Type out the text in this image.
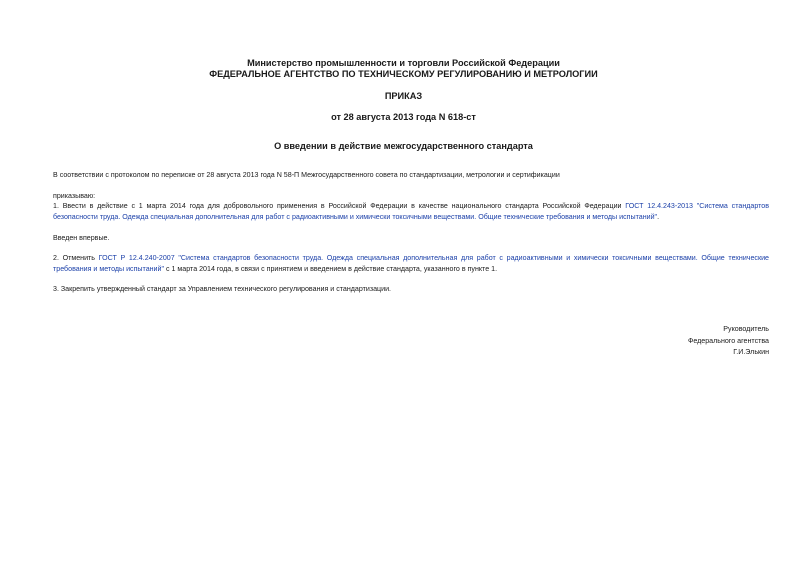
Министерство промышленности и торговли Российской Федерации
ФЕДЕРАЛЬНОЕ АГЕНТСТВО ПО ТЕХНИЧЕСКОМУ РЕГУЛИРОВАНИЮ И МЕТРОЛОГИИ
ПРИКАЗ
от 28 августа 2013 года N 618-ст
О введении в действие межгосударственного стандарта
В соответствии с протоколом по переписке от 28 августа 2013 года N 58-П Межгосударственного совета по стандартизации, метрологии и сертификации
приказываю:
1. Ввести в действие с 1 марта 2014 года для добровольного применения в Российской Федерации в качестве национального стандарта Российской Федерации ГОСТ 12.4.243-2013 "Система стандартов безопасности труда. Одежда специальная дополнительная для работ с радиоактивными и химически токсичными веществами. Общие технические требования и методы испытаний".
Введен впервые.
2. Отменить ГОСТ Р 12.4.240-2007 "Система стандартов безопасности труда. Одежда специальная дополнительная для работ с радиоактивными и химически токсичными веществами. Общие технические требования и методы испытаний" с 1 марта 2014 года, в связи с принятием и введением в действие стандарта, указанного в пункте 1.
3. Закрепить утвержденный стандарт за Управлением технического регулирования и стандартизации.
Руководитель
Федерального агентства
Г.И.Элькин
